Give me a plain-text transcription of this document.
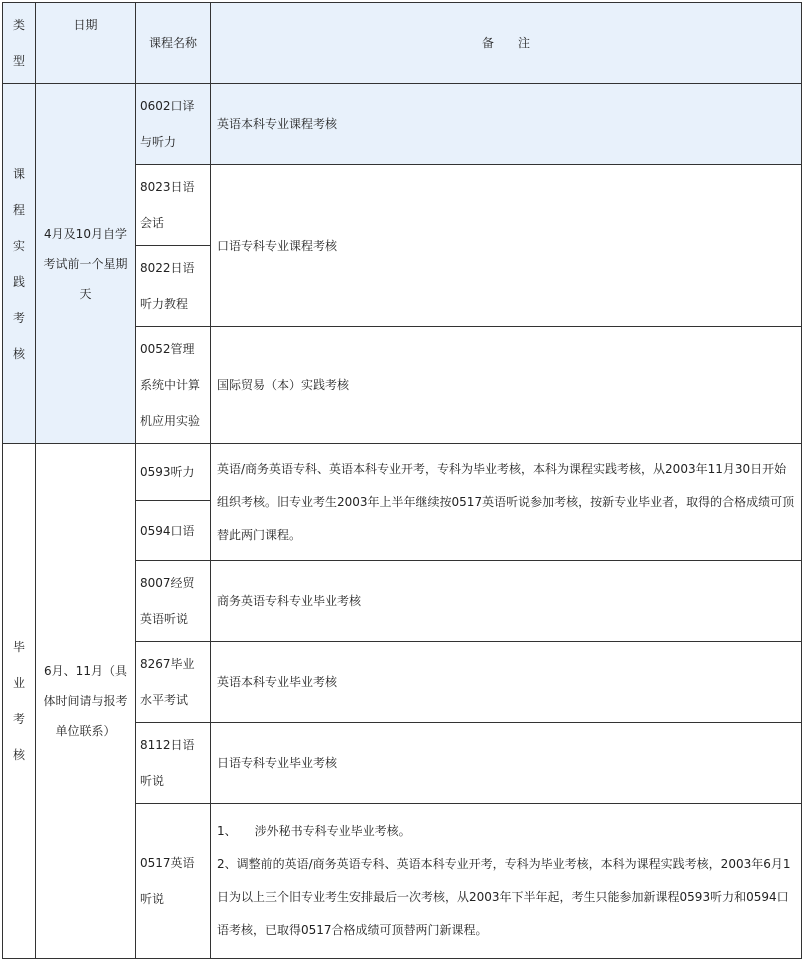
类型	日期	课程名称	备　　注

课程实践考核	4月及10月自学考试前一个星期天	0602口译与听力	英语本科专业课程考核
		8023日语会话	口语专科专业课程考核
		8022日语听力教程	
		0052管理系统中计算机应用实验	国际贸易（本）实践考核

毕业考核	6月、11月（具体时间请与报考单位联系）	0593听力	英语/商务英语专科、英语本科专业开考，专科为毕业考核，本科为课程实践考核，从2003年11月30日开始组织考核。旧专业考生2003年上半年继续按0517英语听说参加考核，按新专业毕业者，取得的合格成绩可顶替此两门课程。
		0594口语	
		8007经贸英语听说	商务英语专科专业毕业考核
		8267毕业水平考试	英语本科专业毕业考核
		8112日语听说	日语专科专业毕业考核
		0517英语听说	1、　　涉外秘书专科专业毕业考核。

2、调整前的英语/商务英语专科、英语本科专业开考，专科为毕业考核，本科为课程实践考核，2003年6月1日为以上三个旧专业考生安排最后一次考核，从2003年下半年起，考生只能参加新课程0593听力和0594口语考核，已取得0517合格成绩可顶替两门新课程。
